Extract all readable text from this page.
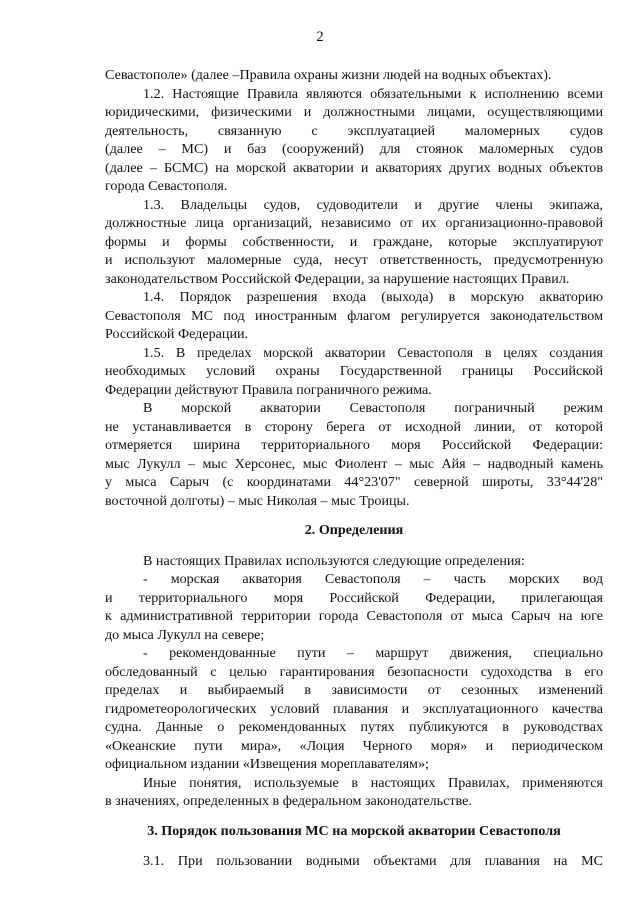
2
Севастополе» (далее –Правила охраны жизни людей на водных объектах).
1.2. Настоящие Правила являются обязательными к исполнению всеми
юридическими, физическими и должностными лицами, осуществляющими
деятельность, связанную с эксплуатацией маломерных судов
(далее – МС) и баз (сооружений) для стоянок маломерных судов
(далее – БСМС) на морской акватории и акваториях других водных объектов
города Севастополя.
1.3. Владельцы судов, судоводители и другие члены экипажа,
должностные лица организаций, независимо от их организационно-правовой
формы и формы собственности, и граждане, которые эксплуатируют
и используют маломерные суда, несут ответственность, предусмотренную
законодательством Российской Федерации, за нарушение настоящих Правил.
1.4. Порядок разрешения входа (выхода) в морскую акваторию
Севастополя МС под иностранным флагом регулируется законодательством
Российской Федерации.
1.5. В пределах морской акватории Севастополя в целях создания
необходимых условий охраны Государственной границы Российской
Федерации действуют Правила пограничного режима.
В морской акватории Севастополя пограничный режим
не устанавливается в сторону берега от исходной линии, от которой
отмеряется ширина территориального моря Российской Федерации:
мыс Лукулл – мыс Херсонес, мыс Фиолент – мыс Айя – надводный камень
у мыса Сарыч (с координатами 44°23'07" северной широты, 33°44'28"
восточной долготы) – мыс Николая – мыс Троицы.
2. Определения
В настоящих Правилах используются следующие определения:
- морская акватория Севастополя – часть морских вод
и территориального моря Российской Федерации, прилегающая
к административной территории города Севастополя от мыса Сарыч на юге
до мыса Лукулл на севере;
- рекомендованные пути – маршрут движения, специально
обследованный с целью гарантирования безопасности судоходства в его
пределах и выбираемый в зависимости от сезонных изменений
гидрометеорологических условий плавания и эксплуатационного качества
судна. Данные о рекомендованных путях публикуются в руководствах
«Океанские пути мира», «Лоция Черного моря» и периодическом
официальном издании «Извещения мореплавателям»;
Иные понятия, используемые в настоящих Правилах, применяются
в значениях, определенных в федеральном законодательстве.
3. Порядок пользования МС на морской акватории Севастополя
3.1. При пользовании водными объектами для плавания на МС
